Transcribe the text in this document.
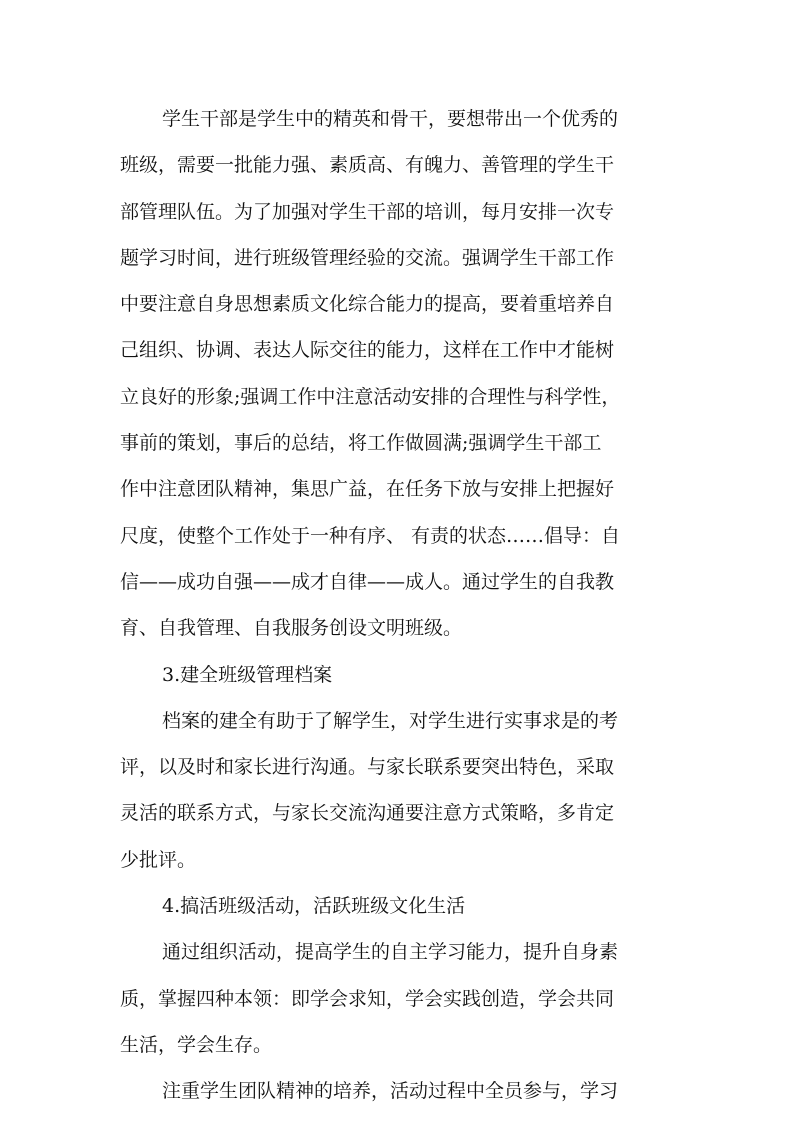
学生干部是学生中的精英和骨干，要想带出一个优秀的
班级，需要一批能力强、素质高、有魄力、善管理的学生干
部管理队伍。为了加强对学生干部的培训，每月安排一次专
题学习时间，进行班级管理经验的交流。强调学生干部工作
中要注意自身思想素质文化综合能力的提高，要着重培养自
己组织、协调、表达人际交往的能力，这样在工作中才能树
立良好的形象;强调工作中注意活动安排的合理性与科学性，
事前的策划，事后的总结，将工作做圆满;强调学生干部工
作中注意团队精神，集思广益，在任务下放与安排上把握好
尺度，使整个工作处于一种有序、 有责的状态……倡导：自
信——成功自强——成才自律——成人。通过学生的自我教
育、自我管理、自我服务创设文明班级。
3.建全班级管理档案
档案的建全有助于了解学生，对学生进行实事求是的考
评，以及时和家长进行沟通。与家长联系要突出特色，采取
灵活的联系方式，与家长交流沟通要注意方式策略，多肯定
少批评。
4.搞活班级活动，活跃班级文化生活
通过组织活动，提高学生的自主学习能力，提升自身素
质，掌握四种本领：即学会求知，学会实践创造，学会共同
生活，学会生存。
注重学生团队精神的培养，活动过程中全员参与，学习
